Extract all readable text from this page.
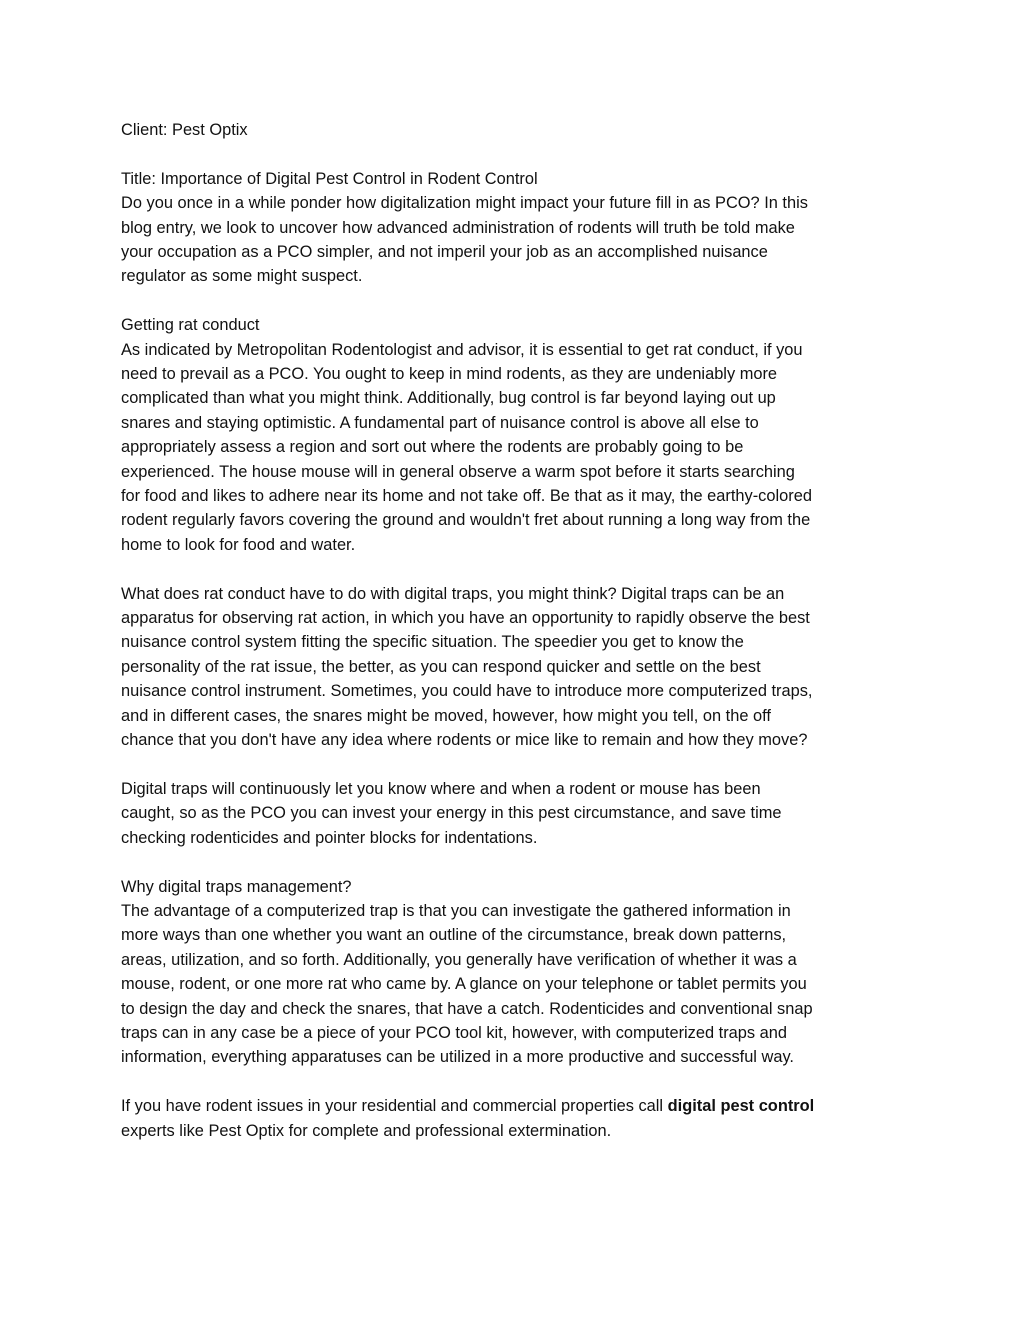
Client: Pest Optix

Title: Importance of Digital Pest Control in Rodent Control
Do you once in a while ponder how digitalization might impact your future fill in as PCO? In this
blog entry, we look to uncover how advanced administration of rodents will truth be told make
your occupation as a PCO simpler, and not imperil your job as an accomplished nuisance
regulator as some might suspect.

Getting rat conduct
As indicated by Metropolitan Rodentologist and advisor, it is essential to get rat conduct, if you
need to prevail as a PCO. You ought to keep in mind rodents, as they are undeniably more
complicated than what you might think. Additionally, bug control is far beyond laying out up
snares and staying optimistic. A fundamental part of nuisance control is above all else to
appropriately assess a region and sort out where the rodents are probably going to be
experienced. The house mouse will in general observe a warm spot before it starts searching
for food and likes to adhere near its home and not take off. Be that as it may, the earthy-colored
rodent regularly favors covering the ground and wouldn't fret about running a long way from the
home to look for food and water.

What does rat conduct have to do with digital traps, you might think? Digital traps can be an
apparatus for observing rat action, in which you have an opportunity to rapidly observe the best
nuisance control system fitting the specific situation. The speedier you get to know the
personality of the rat issue, the better, as you can respond quicker and settle on the best
nuisance control instrument. Sometimes, you could have to introduce more computerized traps,
and in different cases, the snares might be moved, however, how might you tell, on the off
chance that you don't have any idea where rodents or mice like to remain and how they move?

Digital traps will continuously let you know where and when a rodent or mouse has been
caught, so as the PCO you can invest your energy in this pest circumstance, and save time
checking rodenticides and pointer blocks for indentations.

Why digital traps management?
The advantage of a computerized trap is that you can investigate the gathered information in
more ways than one whether you want an outline of the circumstance, break down patterns,
areas, utilization, and so forth. Additionally, you generally have verification of whether it was a
mouse, rodent, or one more rat who came by. A glance on your telephone or tablet permits you
to design the day and check the snares, that have a catch. Rodenticides and conventional snap
traps can in any case be a piece of your PCO tool kit, however, with computerized traps and
information, everything apparatuses can be utilized in a more productive and successful way.

If you have rodent issues in your residential and commercial properties call digital pest control
experts like Pest Optix for complete and professional extermination.
